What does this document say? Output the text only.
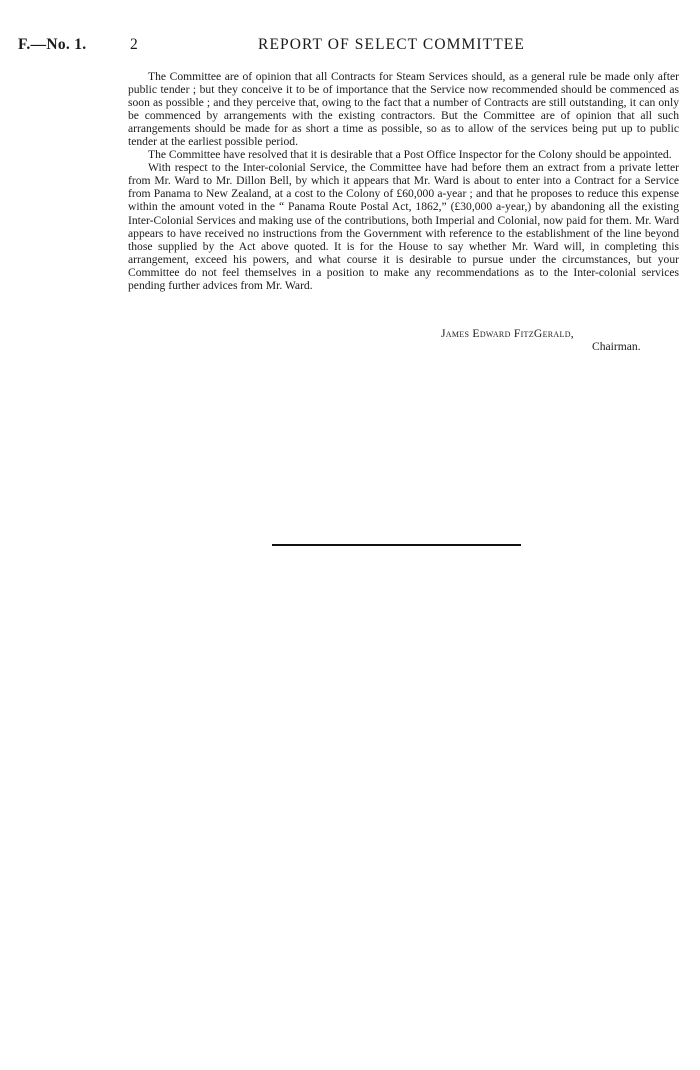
F.—No. 1.	2	REPORT OF SELECT COMMITTEE

The Committee are of opinion that all Contracts for Steam Services should, as a general rule be made only after public tender ; but they conceive it to be of importance that the Service now recommended should be commenced as soon as possible ; and they perceive that, owing to the fact that a number of Contracts are still outstanding, it can only be commenced by arrangements with the existing contractors. But the Committee are of opinion that all such arrangements should be made for as short a time as possible, so as to allow of the services being put up to public tender at the earliest possible period.

The Committee have resolved that it is desirable that a Post Office Inspector for the Colony should be appointed.

With respect to the Inter-colonial Service, the Committee have had before them an extract from a private letter from Mr. Ward to Mr. Dillon Bell, by which it appears that Mr. Ward is about to enter into a Contract for a Service from Panama to New Zealand, at a cost to the Colony of £60,000 a-year ; and that he proposes to reduce this expense within the amount voted in the “ Panama Route Postal Act, 1862,” (£30,000 a-year,) by abandoning all the existing Inter-Colonial Services and making use of the contributions, both Imperial and Colonial, now paid for them. Mr. Ward appears to have received no instructions from the Government with reference to the establishment of the line beyond those supplied by the Act above quoted. It is for the House to say whether Mr. Ward will, in completing this arrangement, exceed his powers, and what course it is desirable to pursue under the circumstances, but your Committee do not feel themselves in a position to make any recommendations as to the Inter-colonial services pending further advices from Mr. Ward.

James Edward FitzGerald,
Chairman.
